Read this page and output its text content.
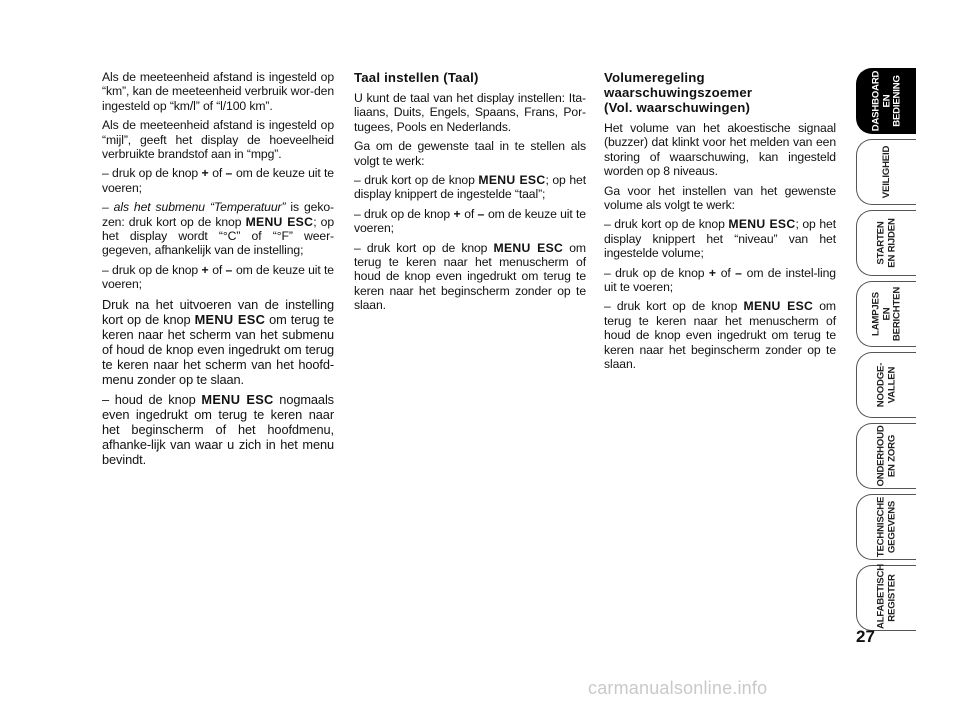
Als de meeteenheid afstand is ingesteld op “km”, kan de meeteenheid verbruik wor-den ingesteld op “km/l” of “l/100 km”.

Als de meeteenheid afstand is ingesteld op “mijl”, geeft het display de hoeveelheid verbruikte brandstof aan in “mpg”.

– druk op de knop + of – om de keuze uit te voeren;

– als het submenu “Temperatuur” is geko-zen: druk kort op de knop MENU ESC; op het display wordt “°C” of “°F” weer-gegeven, afhankelijk van de instelling;

– druk op de knop + of – om de keuze uit te voeren;

Druk na het uitvoeren van de instelling kort op de knop MENU ESC om terug te keren naar het scherm van het submenu of houd de knop even ingedrukt om terug te keren naar het scherm van het hoofd-menu zonder op te slaan.

– houd de knop MENU ESC nogmaals even ingedrukt om terug te keren naar het beginscherm of het hoofdmenu, afhanke-lijk van waar u zich in het menu bevindt.

Taal instellen (Taal)

U kunt de taal van het display instellen: Ita-liaans, Duits, Engels, Spaans, Frans, Por-tugees, Pools en Nederlands.

Ga om de gewenste taal in te stellen als volgt te werk:

– druk kort op de knop MENU ESC; op het display knippert de ingestelde “taal”;

– druk op de knop + of – om de keuze uit te voeren;

– druk kort op de knop MENU ESC om terug te keren naar het menuscherm of houd de knop even ingedrukt om terug te keren naar het beginscherm zonder op te slaan.

Volumeregeling
waarschuwingszoemer
(Vol. waarschuwingen)

Het volume van het akoestische signaal (buzzer) dat klinkt voor het melden van een storing of waarschuwing, kan ingesteld worden op 8 niveaus.

Ga voor het instellen van het gewenste volume als volgt te werk:

– druk kort op de knop MENU ESC; op het display knippert het “niveau” van het ingestelde volume;

– druk op de knop + of – om de instel-ling uit te voeren;

– druk kort op de knop MENU ESC om terug te keren naar het menuscherm of houd de knop even ingedrukt om terug te keren naar het beginscherm zonder op te slaan.

DASHBOARD
EN BEDIENING
VEILIGHEID
STARTEN
EN RIJDEN
LAMPJES
EN BERICHTEN
NOODGE-
VALLEN
ONDERHOUD
EN ZORG
TECHNISCHE
GEGEVENS
ALFABETISCH
REGISTER
27
carmanualsonline.info
